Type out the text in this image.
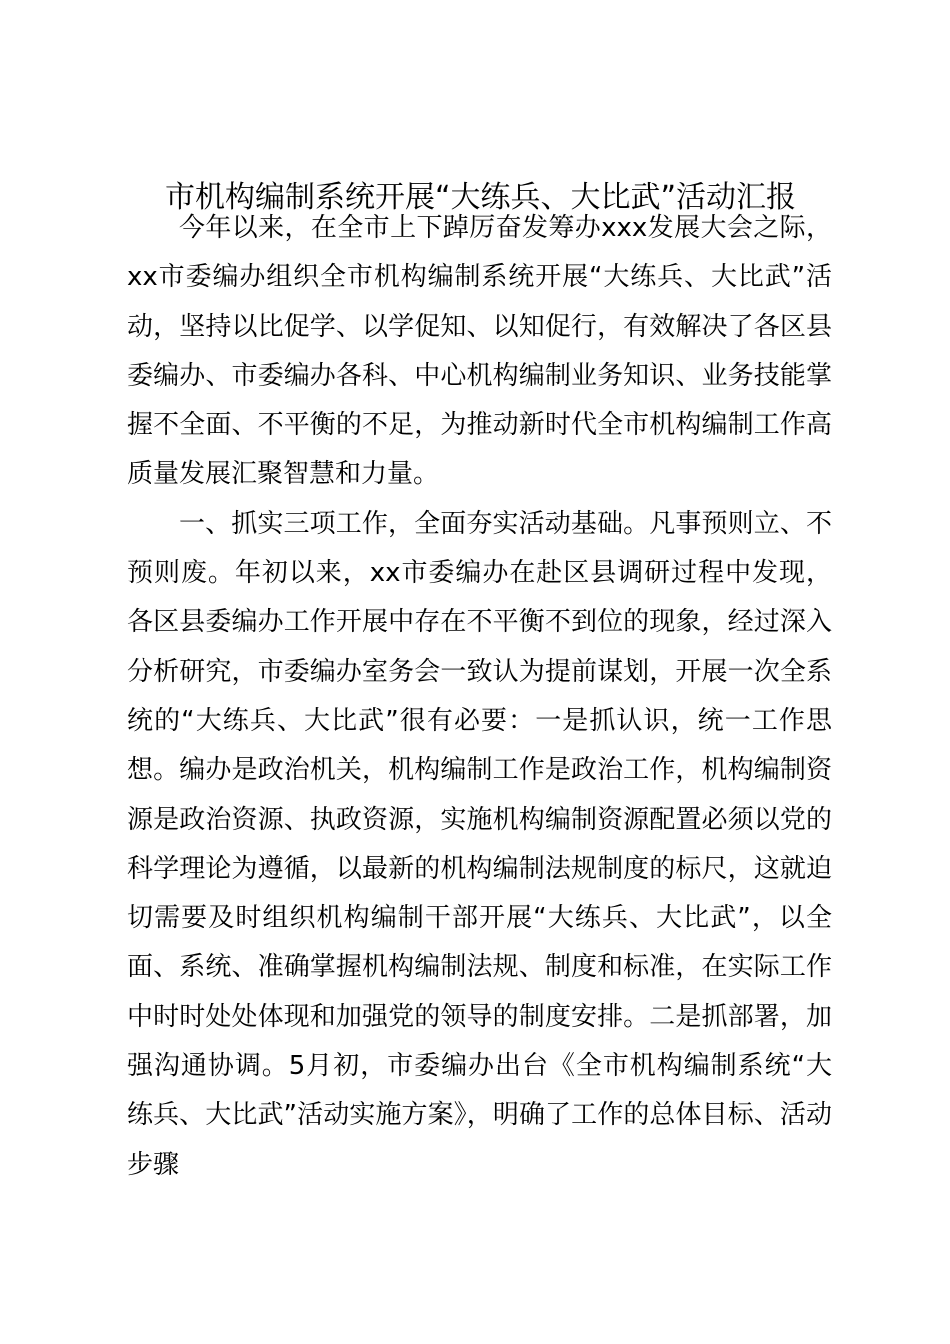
市机构编制系统开展“大练兵、大比武”活动汇报

今年以来，在全市上下踔厉奋发筹办xxx发展大会之际，xx市委编办组织全市机构编制系统开展“大练兵、大比武”活动，坚持以比促学、以学促知、以知促行，有效解决了各区县委编办、市委编办各科、中心机构编制业务知识、业务技能掌握不全面、不平衡的不足，为推动新时代全市机构编制工作高质量发展汇聚智慧和力量。

一、抓实三项工作，全面夯实活动基础。凡事预则立、不预则废。年初以来，xx市委编办在赴区县调研过程中发现，各区县委编办工作开展中存在不平衡不到位的现象，经过深入分析研究，市委编办室务会一致认为提前谋划，开展一次全系统的“大练兵、大比武”很有必要：一是抓认识，统一工作思想。编办是政治机关，机构编制工作是政治工作，机构编制资源是政治资源、执政资源，实施机构编制资源配置必须以党的科学理论为遵循，以最新的机构编制法规制度的标尺，这就迫切需要及时组织机构编制干部开展“大练兵、大比武”，以全面、系统、准确掌握机构编制法规、制度和标准，在实际工作中时时处处体现和加强党的领导的制度安排。二是抓部署，加强沟通协调。5月初，市委编办出台《全市机构编制系统“大练兵、大比武”活动实施方案》，明确了工作的总体目标、活动步骤
